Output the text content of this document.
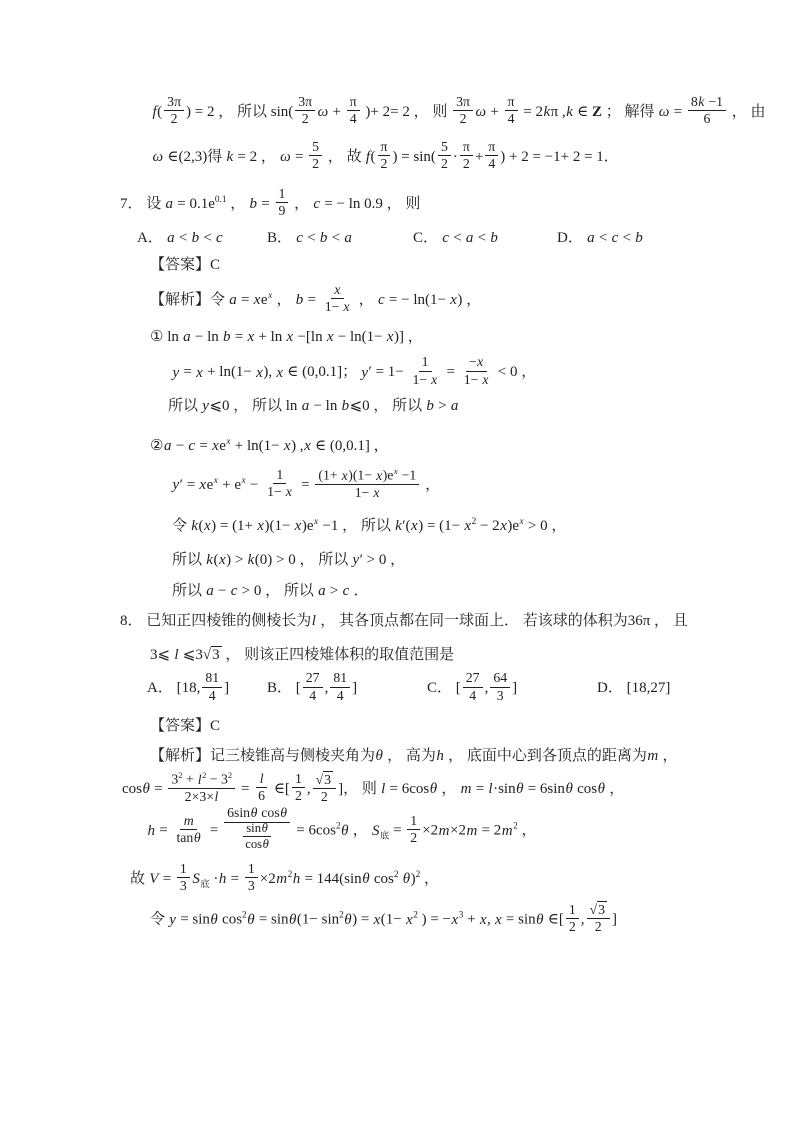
$f( \frac{3\pi}{2}$ ) = 2 ， 所以 $\sin( \frac{3\pi}{2}$ $\omega + \frac{\pi}{4}$ )+ 2= 2 ， 则 $\frac{3\pi}{2}$ $\omega + \frac{\pi}{4} = 2k\pi$ ,k ∈ Z ； 解得 $\omega = \frac{8k -1}{6}$ ， 由
ω ∈(2,3)得 k = 2 ， $\omega = \frac{5}{2}$ ， 故 $f( \frac{\pi}{2}$ ) = $\sin( \frac{5}{2} \cdot \frac{\pi}{2} + \frac{\pi}{4}$ ) + 2 = −1+ 2 = 1．
7． 设 $a = 0.1e^{0.1}$ ， $b = \frac{1}{9}$ ， c = − ln 0.9 ， 则
A． a < b < c	B． c < b < a	C． c < a < b	D． a < c < b
【答案】C
【解析】令 $a = xe^x$ ， $b = \frac{x}{1- x}$ ， c = − ln(1− x) ，
① ln a − ln b = x + ln x −[ln x − ln(1− x)] ，
y = x + ln(1− x), x ∈ (0,0.1]； $y' = 1- \frac{1}{1- x} = \frac{-x}{1- x} < 0$ ，
所以 y⩽0 ， 所以 ln a − ln b⩽0 ， 所以 b > a
②a − $c = xe^x + \ln(1- x)$ ,x ∈ (0,0.1] ，
$y' = xe^x + e^x - \frac{1}{1- x} = \frac{(1+ x)(1- x)e^x -1}{1- x}$ ，
令 $k(x) = (1+ x)(1- x)e^x -1$ ， 所以 $k'(x) = (1- x^2 - 2x)e^x > 0$ ，
所以 k(x) > k(0) > 0 ， 所以 y′ > 0 ，
所以 a − c > 0 ， 所以 a > c ．
8． 已知正四棱锥的侧棱长为l ， 其各顶点都在同一球面上． 若该球的体积为36π ， 且
3⩽ l ⩽3√3 ， 则该正四棱雉体积的取值范围是
A． [18, $\frac{81}{4}$ ]	B． [ $\frac{27}{4}$ , $\frac{81}{4}$ ]	C． [ $\frac{27}{4}$ , $\frac{64}{3}$ ]	D． [18,27]
【答案】C
【解析】记三棱锥高与侧棱夹角为θ ， 高为h ， 底面中心到各顶点的距离为m ，
$\cos\theta = \frac{3^2 + l^2 - 3^2}{2\times 3\times l} = \frac{l}{6}$ ∈[ $\frac{1}{2}$ , $\frac{√3}{2}$ ]， 则 l = 6cosθ ， m = l·sinθ = 6sinθ cosθ ，
$h = \frac{m}{\tan\theta} = \frac{\text{6sinθ cosθ}}{\frac{\sin\theta}{\cos\theta}} = 6\cos^2\theta$ ， $S_底 = \frac{1}{2} \times 2m\times 2m = 2m^2$ ，
故 $V = \frac{1}{3} S_底 \cdot h = \frac{1}{3} \times 2m^2h = 144(\sin\theta$ $\cos^2 \theta)^2$ ，
令 y = sinθ $\cos^2\theta = \sin\theta(1- \sin^2\theta) = x(1- x^2$ ) = $-x^3 + x$, x = sinθ ∈[ $\frac{1}{2}$ , $\frac{√3}{2}$ ]
